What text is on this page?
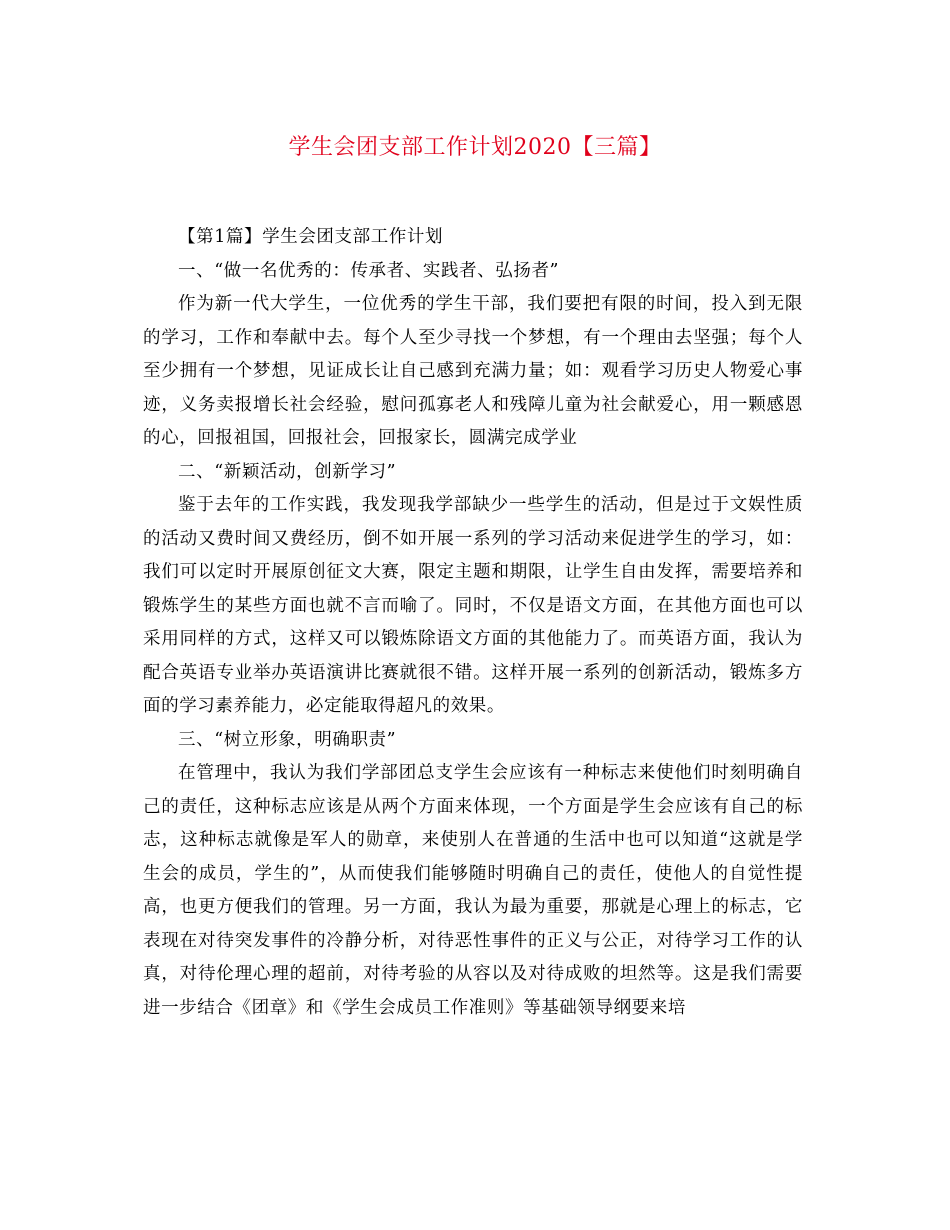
学生会团支部工作计划2020【三篇】

【第1篇】学生会团支部工作计划

一、“做一名优秀的：传承者、实践者、弘扬者”

作为新一代大学生，一位优秀的学生干部，我们要把有限的时间，投入到无限的学习，工作和奉献中去。每个人至少寻找一个梦想，有一个理由去坚强；每个人至少拥有一个梦想，见证成长让自己感到充满力量；如：观看学习历史人物爱心事迹，义务卖报增长社会经验，慰问孤寡老人和残障儿童为社会献爱心，用一颗感恩的心，回报祖国，回报社会，回报家长，圆满完成学业

二、“新颖活动，创新学习”

鉴于去年的工作实践，我发现我学部缺少一些学生的活动，但是过于文娱性质的活动又费时间又费经历，倒不如开展一系列的学习活动来促进学生的学习，如：我们可以定时开展原创征文大赛，限定主题和期限，让学生自由发挥，需要培养和锻炼学生的某些方面也就不言而喻了。同时，不仅是语文方面，在其他方面也可以采用同样的方式，这样又可以锻炼除语文方面的其他能力了。而英语方面，我认为配合英语专业举办英语演讲比赛就很不错。这样开展一系列的创新活动，锻炼多方面的学习素养能力，必定能取得超凡的效果。

三、“树立形象，明确职责”

在管理中，我认为我们学部团总支学生会应该有一种标志来使他们时刻明确自己的责任，这种标志应该是从两个方面来体现，一个方面是学生会应该有自己的标志，这种标志就像是军人的勋章，来使别人在普通的生活中也可以知道“这就是学生会的成员，学生的”，从而使我们能够随时明确自己的责任，使他人的自觉性提高，也更方便我们的管理。另一方面，我认为最为重要，那就是心理上的标志，它表现在对待突发事件的冷静分析，对待恶性事件的正义与公正，对待学习工作的认真，对待伦理心理的超前，对待考验的从容以及对待成败的坦然等。这是我们需要进一步结合《团章》和《学生会成员工作准则》等基础领导纲要来培
